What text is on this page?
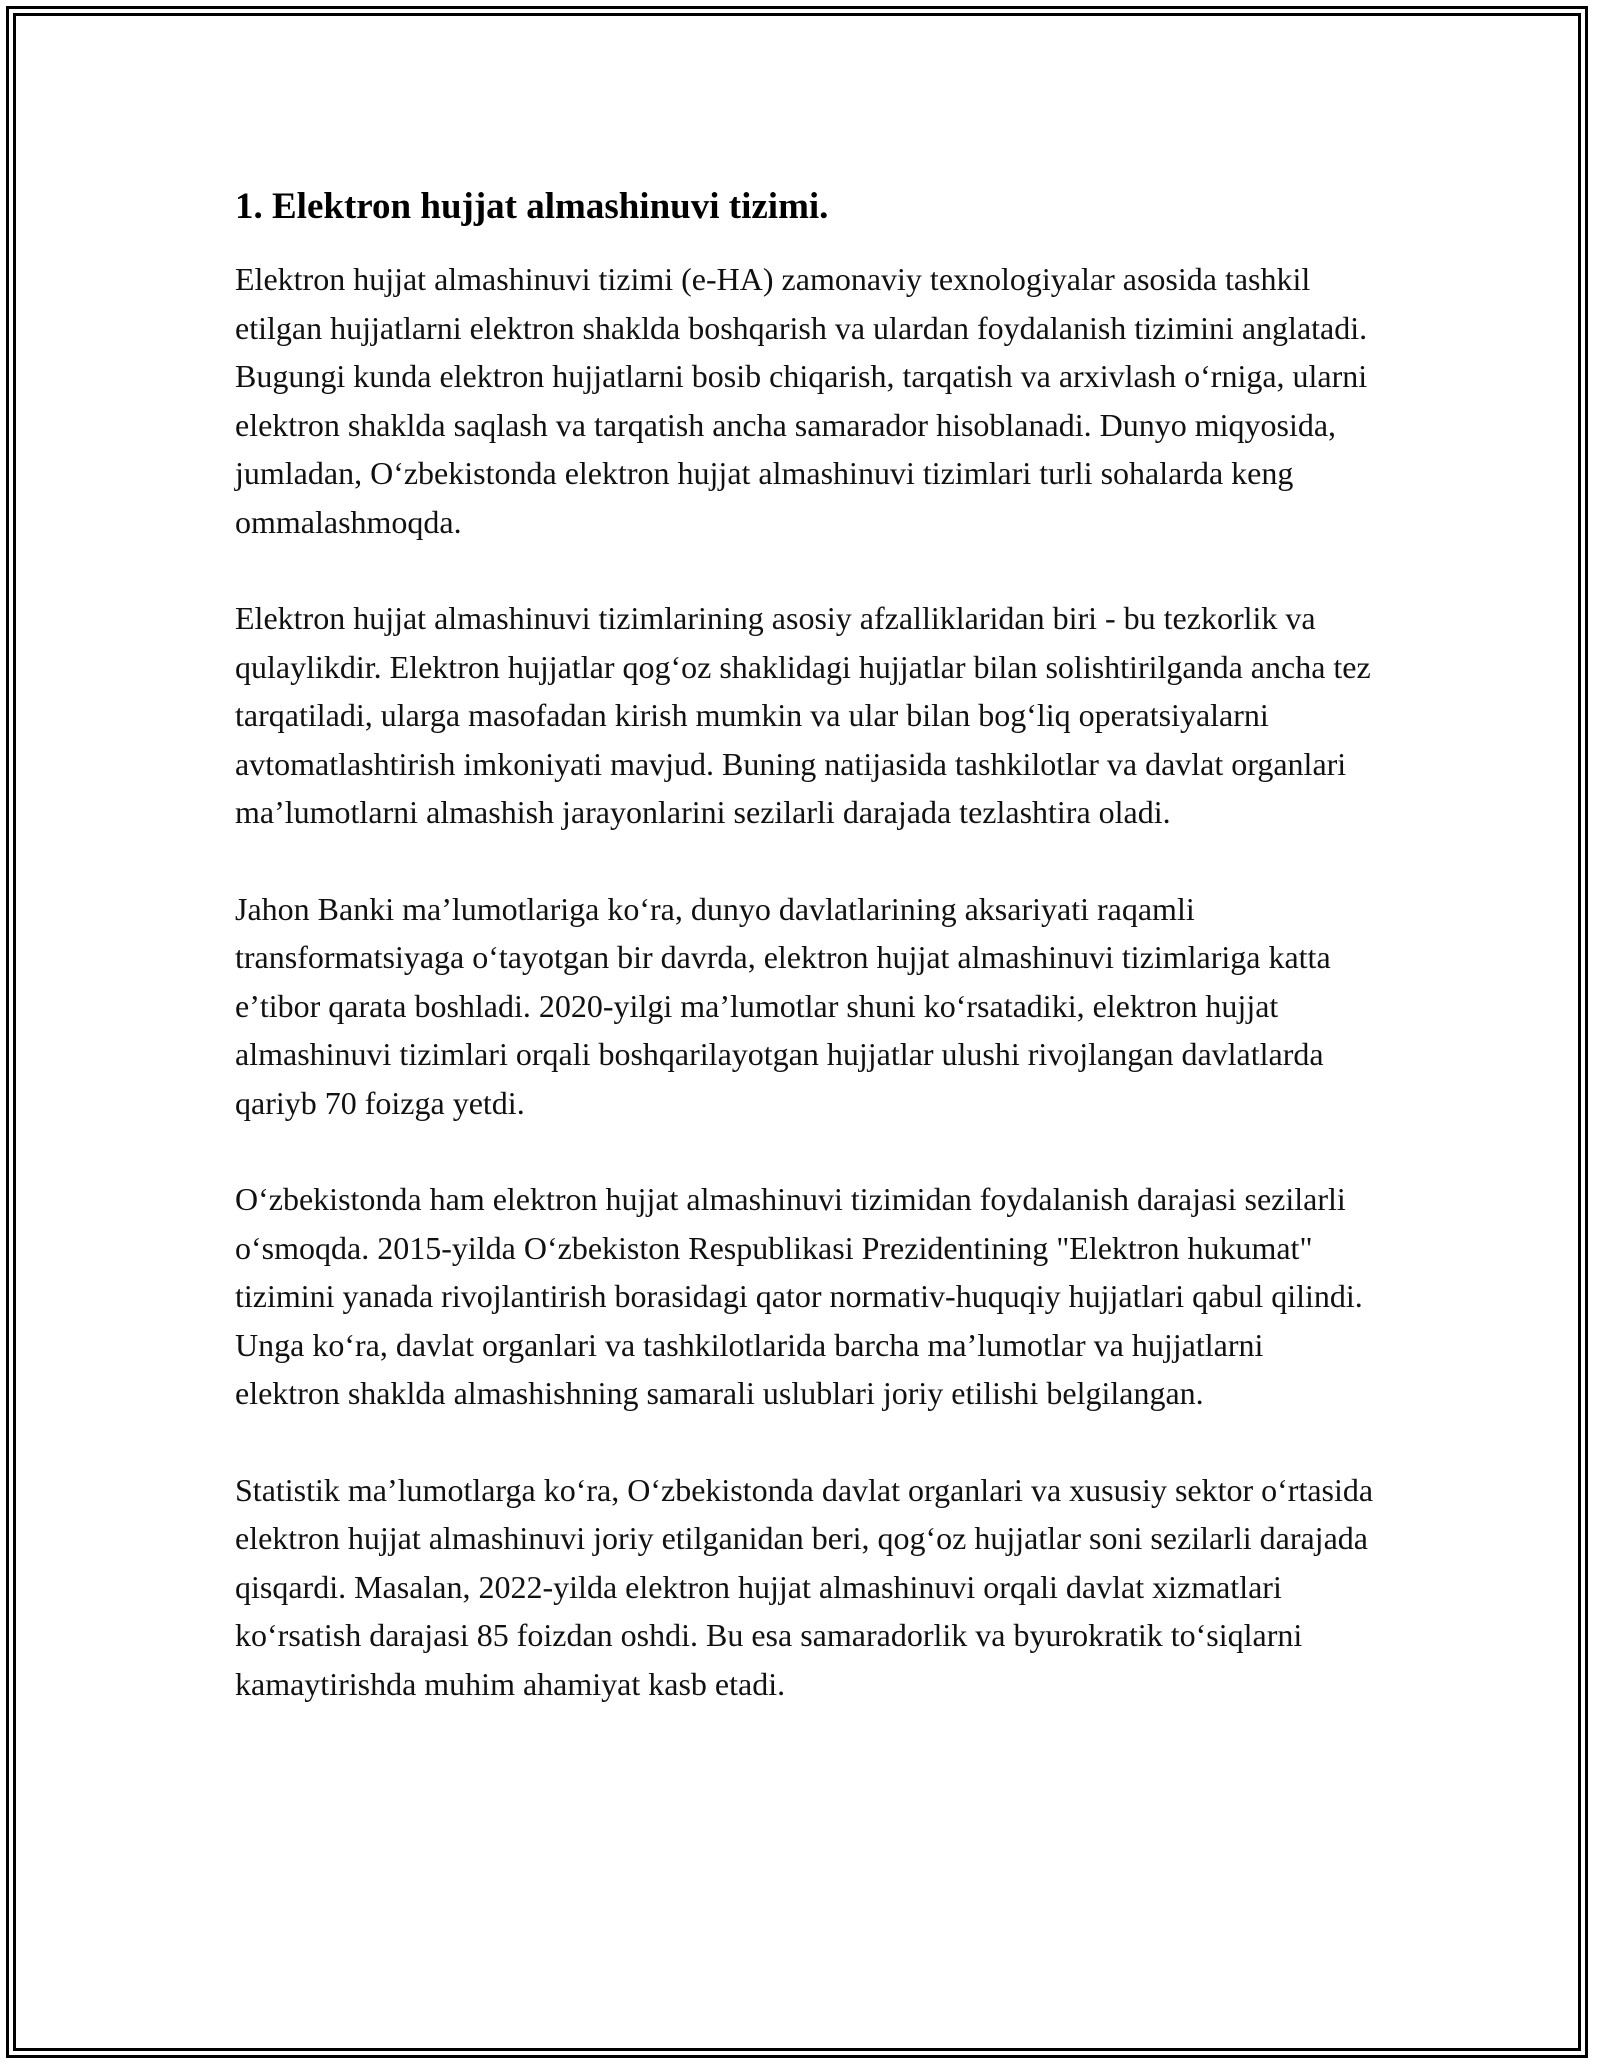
1. Elektron hujjat almashinuvi tizimi.

Elektron hujjat almashinuvi tizimi (e-HA) zamonaviy texnologiyalar asosida tashkil etilgan hujjatlarni elektron shaklda boshqarish va ulardan foydalanish tizimini anglatadi. Bugungi kunda elektron hujjatlarni bosib chiqarish, tarqatish va arxivlash oʻrniga, ularni elektron shaklda saqlash va tarqatish ancha samarador hisoblanadi. Dunyo miqyosida, jumladan, Oʻzbekistonda elektron hujjat almashinuvi tizimlari turli sohalarda keng ommalashmoqda.

Elektron hujjat almashinuvi tizimlarining asosiy afzalliklaridan biri - bu tezkorlik va qulaylikdir. Elektron hujjatlar qogʻoz shaklidagi hujjatlar bilan solishtirilganda ancha tez tarqatiladi, ularga masofadan kirish mumkin va ular bilan bogʻliq operatsiyalarni avtomatlashtirish imkoniyati mavjud. Buning natijasida tashkilotlar va davlat organlari maʼlumotlarni almashish jarayonlarini sezilarli darajada tezlashtira oladi.

Jahon Banki maʼlumotlariga koʻra, dunyo davlatlarining aksariyati raqamli transformatsiyaga oʻtayotgan bir davrda, elektron hujjat almashinuvi tizimlariga katta eʼtibor qarata boshladi. 2020-yilgi maʼlumotlar shuni koʻrsatadiki, elektron hujjat almashinuvi tizimlari orqali boshqarilayotgan hujjatlar ulushi rivojlangan davlatlarda qariyb 70 foizga yetdi.

Oʻzbekistonda ham elektron hujjat almashinuvi tizimidan foydalanish darajasi sezilarli oʻsmoqda. 2015-yilda Oʻzbekiston Respublikasi Prezidentining "Elektron hukumat" tizimini yanada rivojlantirish borasidagi qator normativ-huquqiy hujjatlari qabul qilindi. Unga koʻra, davlat organlari va tashkilotlarida barcha maʼlumotlar va hujjatlarni elektron shaklda almashishning samarali uslublari joriy etilishi belgilangan.

Statistik maʼlumotlarga koʻra, Oʻzbekistonda davlat organlari va xususiy sektor oʻrtasida elektron hujjat almashinuvi joriy etilganidan beri, qogʻoz hujjatlar soni sezilarli darajada qisqardi. Masalan, 2022-yilda elektron hujjat almashinuvi orqali davlat xizmatlari koʻrsatish darajasi 85 foizdan oshdi. Bu esa samaradorlik va byurokratik toʻsiqlarni kamaytirishda muhim ahamiyat kasb etadi.
